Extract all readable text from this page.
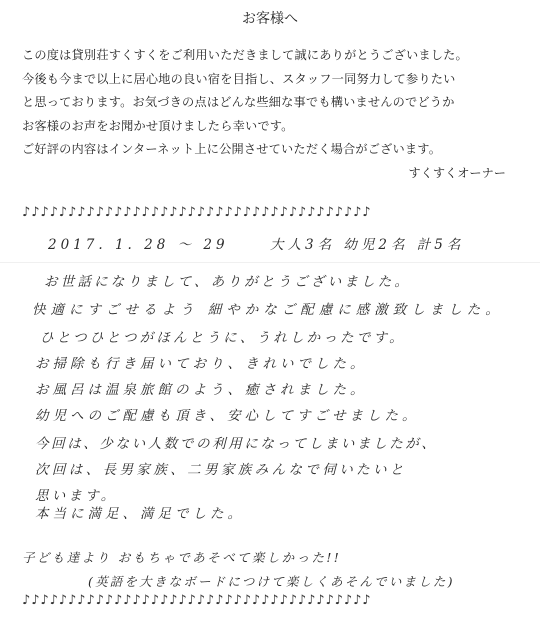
お客様へ
この度は貸別荘すくすくをご利用いただきまして誠にありがとうございました。
今後も今まで以上に居心地の良い宿を目指し、スタッフ一同努力して参りたい
と思っております。お気づきの点はどんな些細な事でも構いませんのでどうか
お客様のお声をお聞かせ頂けましたら幸いです。
ご好評の内容はインターネット上に公開させていただく場合がございます。
すくすくオーナー
♪♪♪♪♪♪♪♪♪♪♪♪♪♪♪♪♪♪♪♪♪♪♪♪♪♪♪♪♪♪♪♪♪♪♪♪♪♪
2017. 1. 28 〜 29	大人3名 幼児2名 計5名
お世話になりまして、ありがとうございました。
快適にすごせるよう 細やかなご配慮に感激致しました。
ひとつひとつがほんとうに、うれしかったです。
お掃除も行き届いており、きれいでした。
お風呂は温泉旅館のよう、癒されました。
幼児へのご配慮も頂き、安心してすごせました。
今回は、少ない人数での利用になってしまいましたが、
次回は、長男家族、二男家族みんなで伺いたいと
思います。
本当に満足、満足でした。
子ども達より おもちゃであそべて楽しかった!!
(英語を大きなボードにつけて楽しくあそんでいました)
♪♪♪♪♪♪♪♪♪♪♪♪♪♪♪♪♪♪♪♪♪♪♪♪♪♪♪♪♪♪♪♪♪♪♪♪♪♪
